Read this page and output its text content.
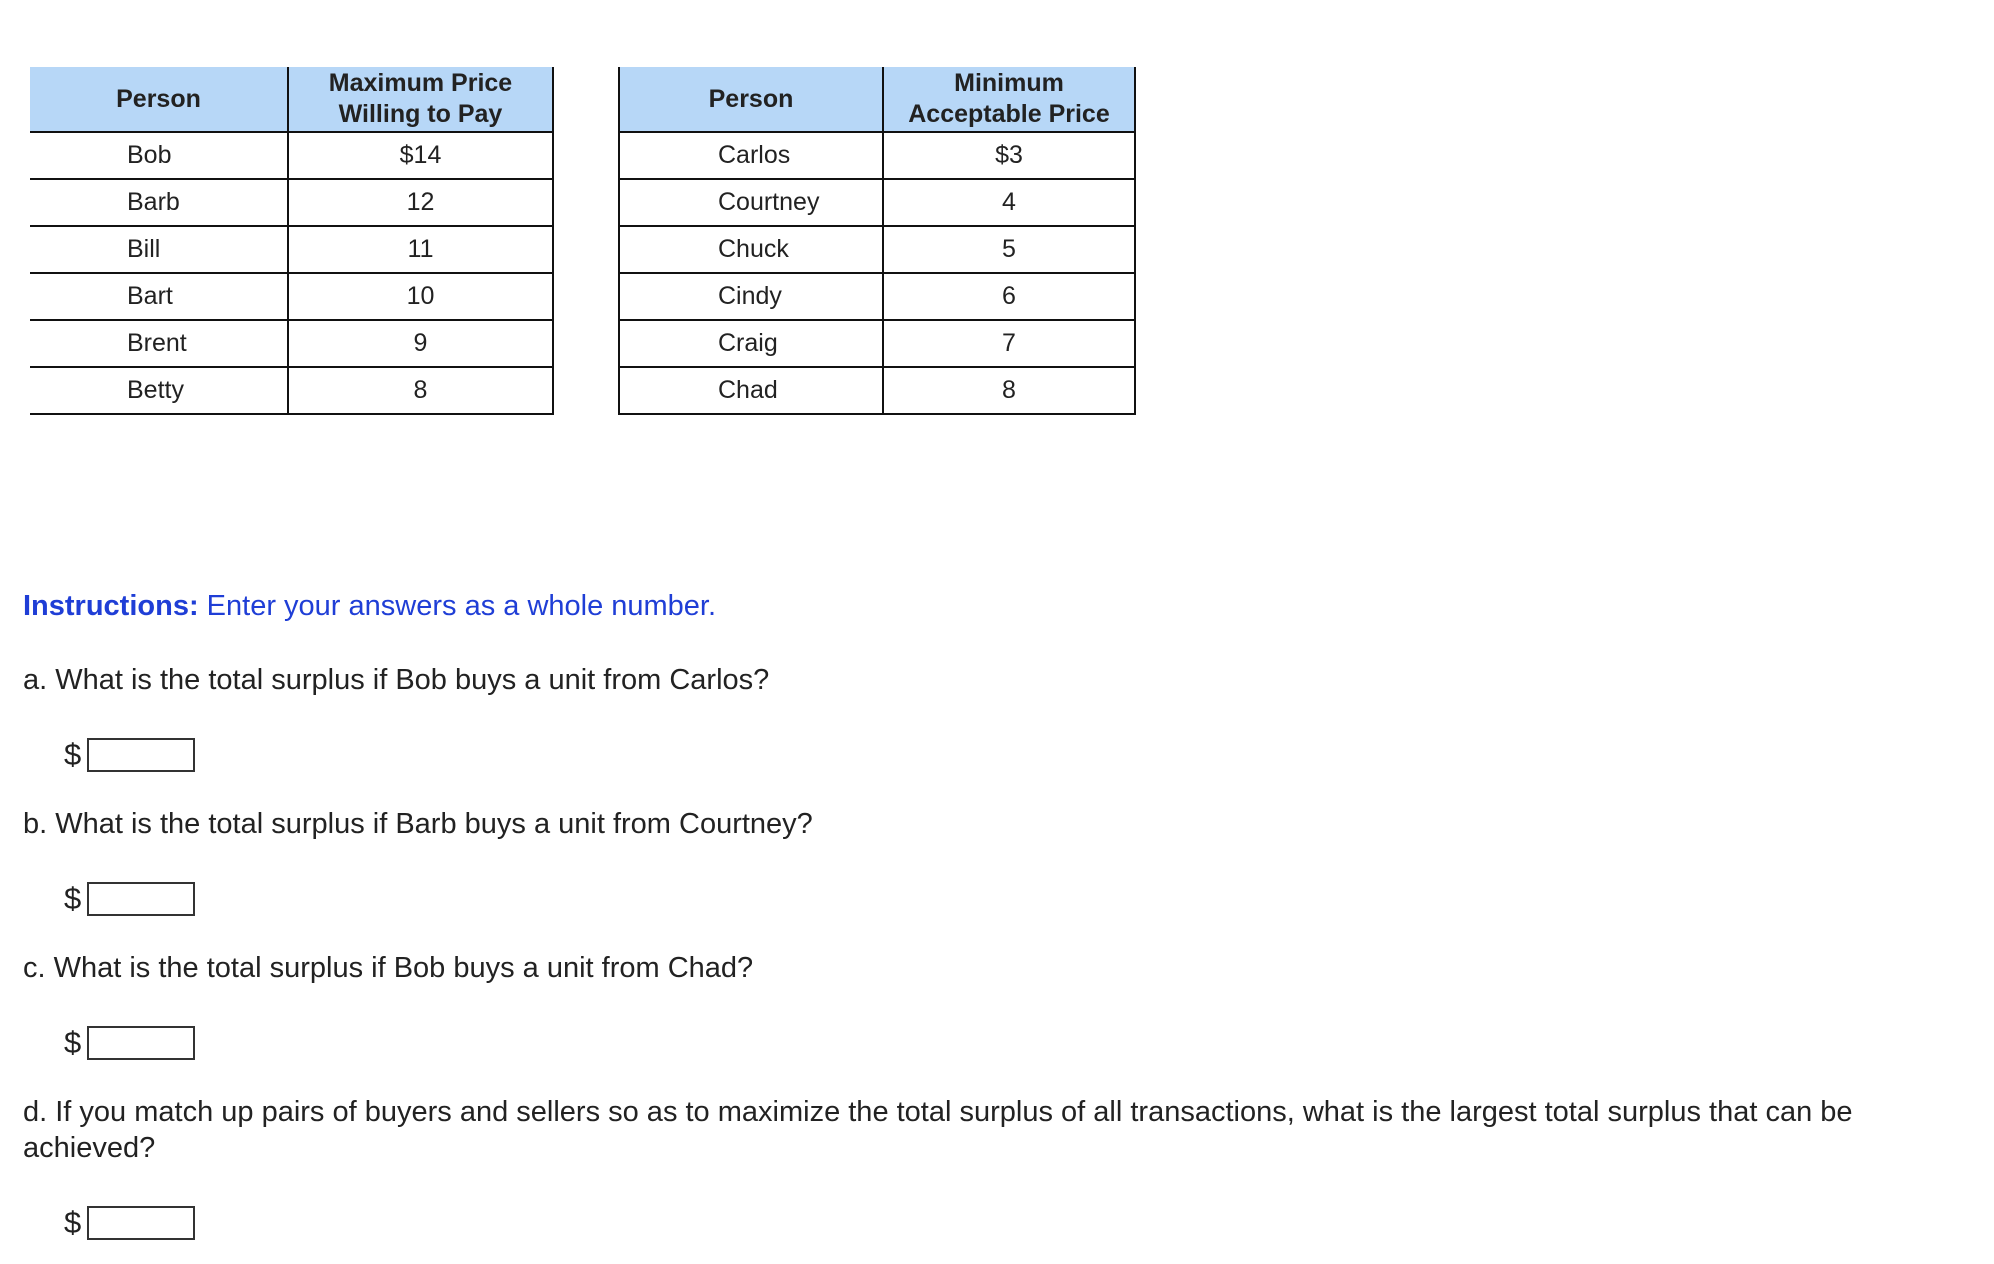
Person	Maximum Price
Willing to Pay
Bob	$14
Barb	12
Bill	11
Bart	10
Brent	9
Betty	8
Person	Minimum
Acceptable Price
Carlos	$3
Courtney	4
Chuck	5
Cindy	6
Craig	7
Chad	8
Instructions: Enter your answers as a whole number.
a. What is the total surplus if Bob buys a unit from Carlos?
$
b. What is the total surplus if Barb buys a unit from Courtney?
$
c. What is the total surplus if Bob buys a unit from Chad?
$
d. If you match up pairs of buyers and sellers so as to maximize the total surplus of all transactions, what is the largest total surplus that can be achieved?
$
